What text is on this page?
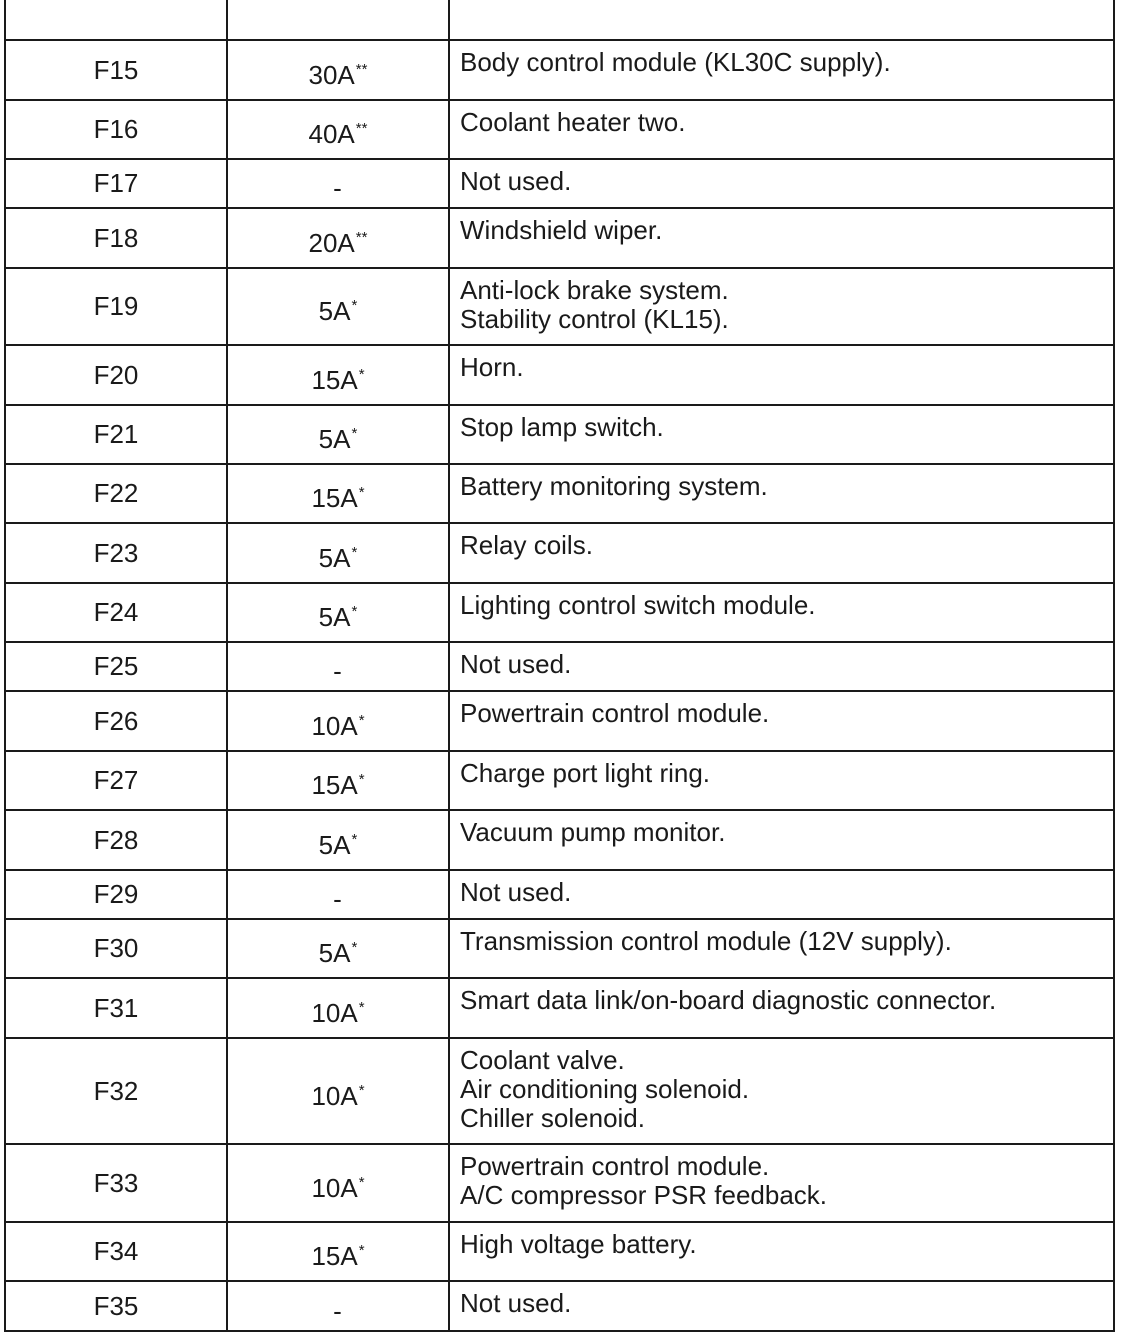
F15	30A**	Body control module (KL30C supply).

F16	40A**	Coolant heater two.

F17	-	Not used.

F18	20A**	Windshield wiper.

F19	5A*	Anti-lock brake system.
Stability control (KL15).

F20	15A*	Horn.

F21	5A*	Stop lamp switch.

F22	15A*	Battery monitoring system.

F23	5A*	Relay coils.

F24	5A*	Lighting control switch module.

F25	-	Not used.

F26	10A*	Powertrain control module.

F27	15A*	Charge port light ring.

F28	5A*	Vacuum pump monitor.

F29	-	Not used.

F30	5A*	Transmission control module (12V supply).

F31	10A*	Smart data link/on-board diagnostic connector.

F32	10A*	Coolant valve.
Air conditioning solenoid.
Chiller solenoid.

F33	10A*	Powertrain control module.
A/C compressor PSR feedback.

F34	15A*	High voltage battery.

F35	-	Not used.
